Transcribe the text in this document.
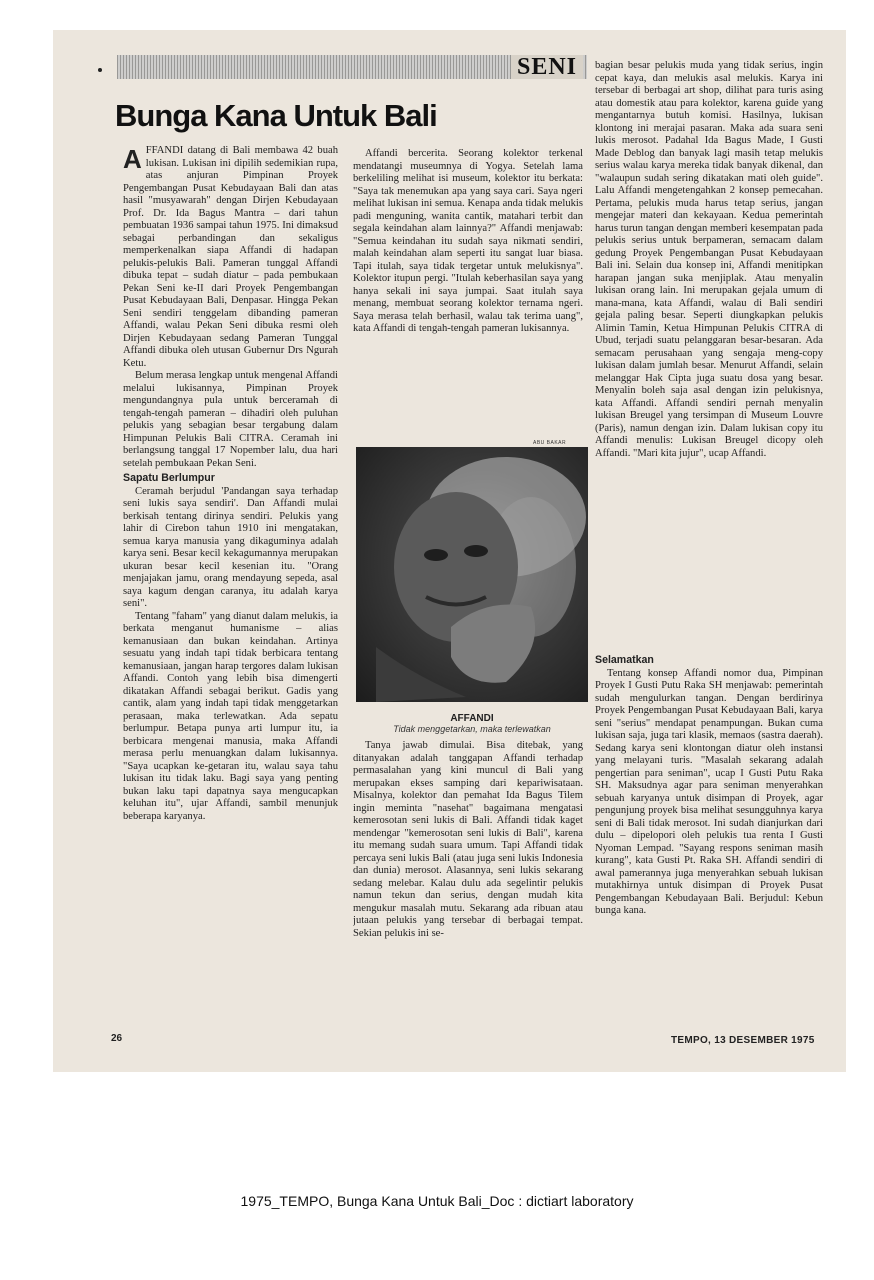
SENI
Bunga Kana Untuk Bali

A FFANDI datang di Bali membawa 42 buah lukisan. Lukisan ini dipilih sedemikian rupa, atas anjuran Pimpinan Proyek Pengembangan Pusat Kebudayaan Bali dan atas hasil "musyawarah" dengan Dirjen Kebudayaan Prof. Dr. Ida Bagus Mantra – dari tahun pembuatan 1936 sampai tahun 1975. Ini dimaksud sebagai perbandingan dan sekaligus memperkenalkan siapa Affandi di hadapan pelukis-pelukis Bali. Pameran tunggal Affandi dibuka tepat – sudah diatur – pada pembukaan Pekan Seni ke-II dari Proyek Pengembangan Pusat Kebudayaan Bali, Denpasar. Hingga Pekan Seni sendiri tenggelam dibanding pameran Affandi, walau Pekan Seni dibuka resmi oleh Dirjen Kebudayaan sedang Pameran Tunggal Affandi dibuka oleh utusan Gubernur Drs Ngurah Ketu.

Belum merasa lengkap untuk mengenal Affandi melalui lukisannya, Pimpinan Proyek mengundangnya pula untuk berceramah di tengah-tengah pameran – dihadiri oleh puluhan pelukis yang sebagian besar tergabung dalam Himpunan Pelukis Bali CITRA. Ceramah ini berlangsung tanggal 17 Nopember lalu, dua hari setelah pembukaan Pekan Seni.

Sapatu Berlumpur

Ceramah berjudul 'Pandangan saya terhadap seni lukis saya sendiri'. Dan Affandi mulai berkisah tentang dirinya sendiri. Pelukis yang lahir di Cirebon tahun 1910 ini mengatakan, semua karya manusia yang dikaguminya adalah karya seni. Besar kecil kekagumannya merupakan ukuran besar kecil kesenian itu. "Orang menjajakan jamu, orang mendayung sepeda, asal saya kagum dengan caranya, itu adalah karya seni".

Tentang "faham" yang dianut dalam melukis, ia berkata menganut humanisme – alias kemanusiaan dan bukan keindahan. Artinya sesuatu yang indah tapi tidak berbicara tentang kemanusiaan, jangan harap tergores dalam lukisan Affandi. Contoh yang lebih bisa dimengerti dikatakan Affandi sebagai berikut. Gadis yang cantik, alam yang indah tapi tidak menggetarkan perasaan, maka terlewatkan. Ada sepatu berlumpur. Betapa punya arti lumpur itu, ia berbicara mengenai manusia, maka Affandi merasa perlu menuangkan dalam lukisannya. "Saya ucapkan ke-getaran itu, walau saya tahu lukisan itu tidak laku. Bagi saya yang penting bukan laku tapi dapatnya saya mengucapkan keluhan itu", ujar Affandi, sambil menunjuk beberapa karyanya.

Affandi bercerita. Seorang kolektor terkenal mendatangi museumnya di Yogya. Setelah lama berkeliling melihat isi museum, kolektor itu berkata: "Saya tak menemukan apa yang saya cari. Saya ngeri melihat lukisan ini semua. Kenapa anda tidak melukis padi menguning, wanita cantik, matahari terbit dan segala keindahan alam lainnya?" Affandi menjawab: "Semua keindahan itu sudah saya nikmati sendiri, malah keindahan alam seperti itu sangat luar biasa. Tapi itulah, saya tidak tergetar untuk melukisnya". Kolektor itupun pergi. "Itulah keberhasilan saya yang hanya sekali ini saya jumpai. Saat itulah saya menang, membuat seorang kolektor ternama ngeri. Saya merasa telah berhasil, walau tak terima uang", kata Affandi di tengah-tengah pameran lukisannya.

ABU BAKAR
AFFANDI
Tidak menggetarkan, maka terlewatkan

Tanya jawab dimulai. Bisa ditebak, yang ditanyakan adalah tanggapan Affandi terhadap permasalahan yang kini muncul di Bali yang merupakan ekses samping dari kepariwisataan. Misalnya, kolektor dan pemahat Ida Bagus Tilem ingin meminta "nasehat" bagaimana mengatasi kemerosotan seni lukis di Bali. Affandi tidak kaget mendengar "kemerosotan seni lukis di Bali", karena itu memang sudah suara umum. Tapi Affandi tidak percaya seni lukis Bali (atau juga seni lukis Indonesia dan dunia) merosot. Alasannya, seni lukis sekarang sedang melebar. Kalau dulu ada segelintir pelukis namun tekun dan serius, dengan mudah kita mengukur masalah mutu. Sekarang ada ribuan atau jutaan pelukis yang tersebar di berbagai tempat. Sekian pelukis ini se-

bagian besar pelukis muda yang tidak serius, ingin cepat kaya, dan melukis asal melukis. Karya ini tersebar di berbagai art shop, dilihat para turis asing atau domestik atau para kolektor, karena guide yang mengantarnya butuh komisi. Hasilnya, lukisan klontong ini merajai pasaran. Maka ada suara seni lukis merosot. Padahal Ida Bagus Made, I Gusti Made Deblog dan banyak lagi masih tetap melukis serius walau karya mereka tidak banyak dikenal, dan "walaupun sudah sering dikatakan mati oleh guide". Lalu Affandi mengetengahkan 2 konsep pemecahan. Pertama, pelukis muda harus tetap serius, jangan mengejar materi dan kekayaan. Kedua pemerintah harus turun tangan dengan memberi kesempatan pada pelukis serius untuk berpameran, semacam dalam gedung Proyek Pengembangan Pusat Kebudayaan Bali ini. Selain dua konsep ini, Affandi menitipkan harapan jangan suka menjiplak. Atau menyalin lukisan orang lain. Ini merupakan gejala umum di mana-mana, kata Affandi, walau di Bali sendiri gejala paling besar. Seperti diungkapkan pelukis Alimin Tamin, Ketua Himpunan Pelukis CITRA di Ubud, terjadi suatu pelanggaran besar-besaran. Ada semacam perusahaan yang sengaja meng-copy lukisan dalam jumlah besar. Menurut Affandi, selain melanggar Hak Cipta juga suatu dosa yang besar. Menyalin boleh saja asal dengan izin pelukisnya, kata Affandi. Affandi sendiri pernah menyalin lukisan Breugel yang tersimpan di Museum Louvre (Paris), namun dengan izin. Dalam lukisan copy itu Affandi menulis: Lukisan Breugel dicopy oleh Affandi. "Mari kita jujur", ucap Affandi.

Selamatkan

Tentang konsep Affandi nomor dua, Pimpinan Proyek I Gusti Putu Raka SH menjawab: pemerintah sudah mengulurkan tangan. Dengan berdirinya Proyek Pengembangan Pusat Kebudayaan Bali, karya seni "serius" mendapat penampungan. Bukan cuma lukisan saja, juga tari klasik, memaos (sastra daerah). Sedang karya seni klontongan diatur oleh instansi yang melayani turis. "Masalah sekarang adalah pengertian para seniman", ucap I Gusti Putu Raka SH. Maksudnya agar para seniman menyerahkan sebuah karyanya untuk disimpan di Proyek, agar pengunjung proyek bisa melihat sesungguhnya karya seni di Bali tidak merosot. Ini sudah dianjurkan dari dulu – dipelopori oleh pelukis tua renta I Gusti Nyoman Lempad. "Sayang respons seniman masih kurang", kata Gusti Pt. Raka SH. Affandi sendiri di awal pamerannya juga menyerahkan sebuah lukisan mutakhirnya untuk disimpan di Proyek Pusat Pengembangan Kebudayaan Bali. Berjudul: Kebun bunga kana.

26	TEMPO, 13 DESEMBER 1975
1975_TEMPO, Bunga Kana Untuk Bali_Doc : dictiart laboratory
